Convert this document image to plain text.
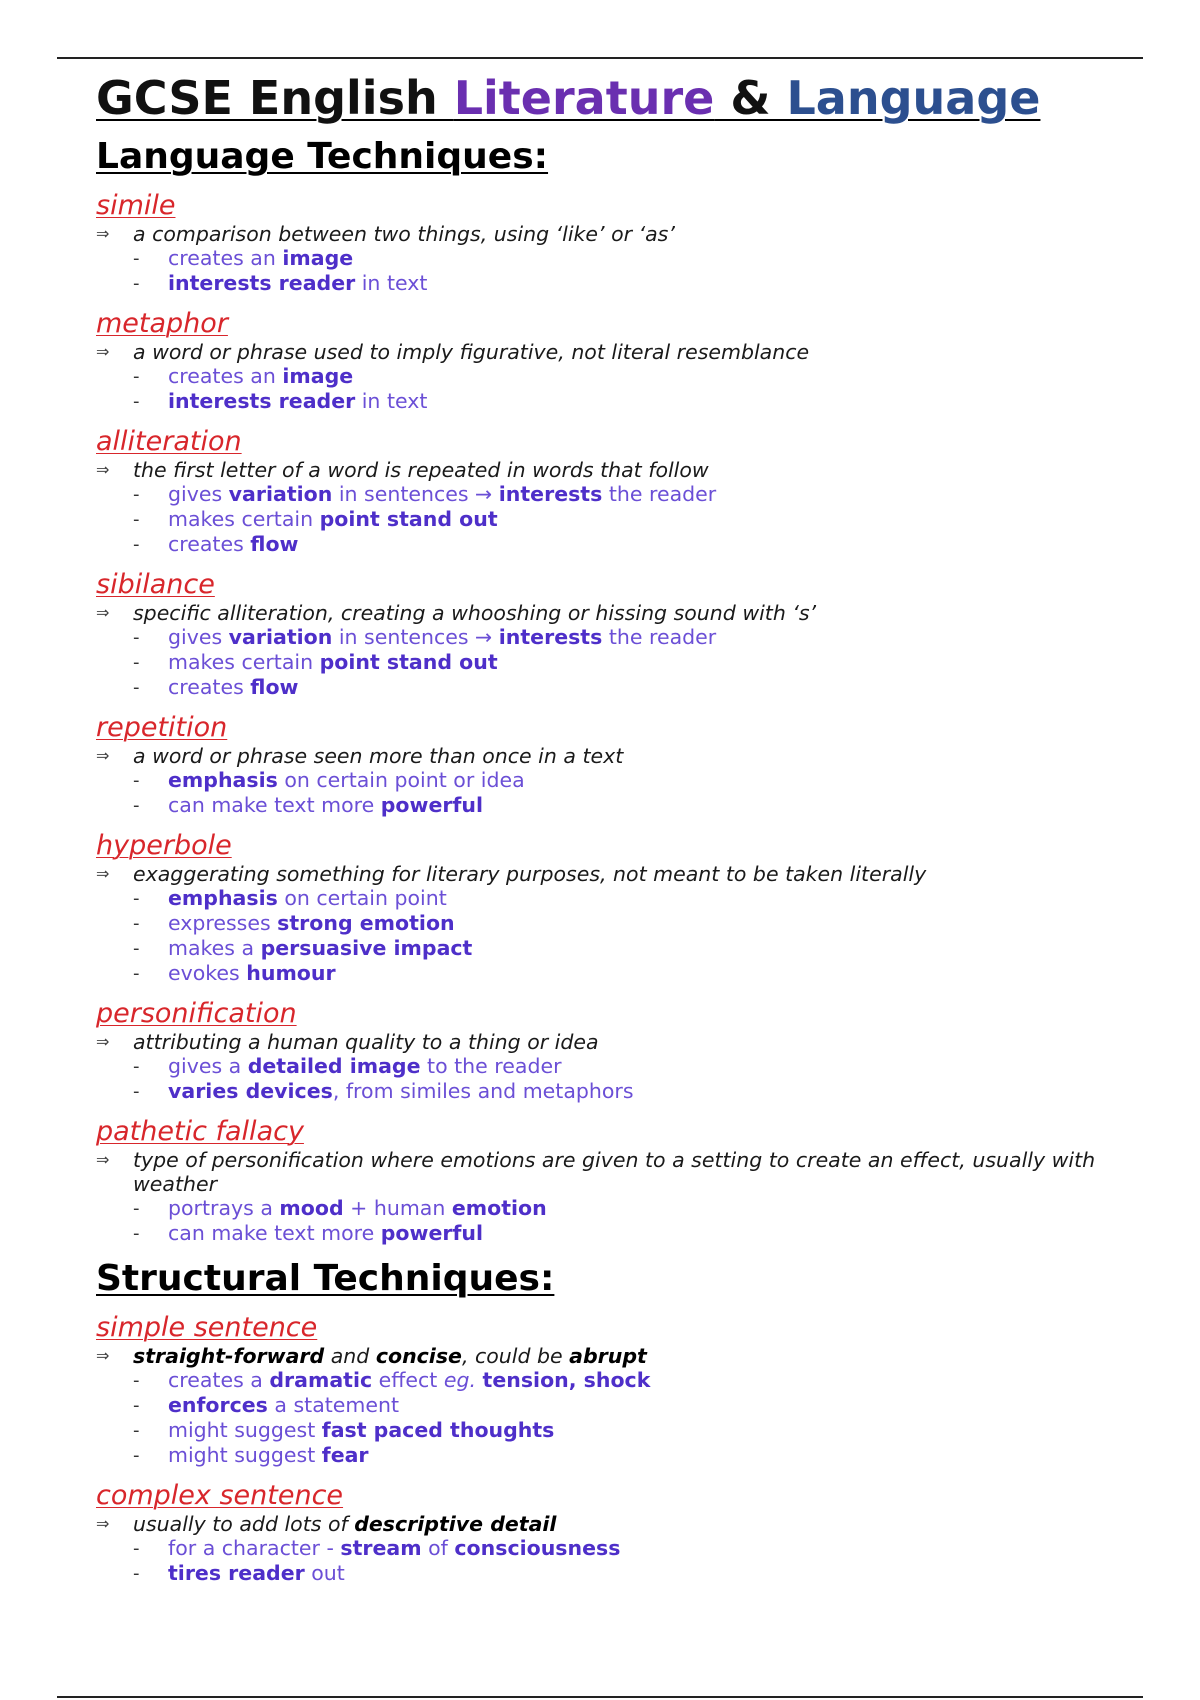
GCSE English Literature & Language
Language Techniques:
simile
⇒ a comparison between two things, using ‘like’ or ‘as’
- creates an image
- interests reader in text
metaphor
⇒ a word or phrase used to imply figurative, not literal resemblance
- creates an image
- interests reader in text
alliteration
⇒ the first letter of a word is repeated in words that follow
- gives variation in sentences → interests the reader
- makes certain point stand out
- creates flow
sibilance
⇒ specific alliteration, creating a whooshing or hissing sound with ‘s’
- gives variation in sentences → interests the reader
- makes certain point stand out
- creates flow
repetition
⇒ a word or phrase seen more than once in a text
- emphasis on certain point or idea
- can make text more powerful
hyperbole
⇒ exaggerating something for literary purposes, not meant to be taken literally
- emphasis on certain point
- expresses strong emotion
- makes a persuasive impact
- evokes humour
personification
⇒ attributing a human quality to a thing or idea
- gives a detailed image to the reader
- varies devices, from similes and metaphors
pathetic fallacy
⇒ type of personification where emotions are given to a setting to create an effect, usually with weather
- portrays a mood + human emotion
- can make text more powerful
Structural Techniques:
simple sentence
⇒ straight-forward and concise, could be abrupt
- creates a dramatic effect eg. tension, shock
- enforces a statement
- might suggest fast paced thoughts
- might suggest fear
complex sentence
⇒ usually to add lots of descriptive detail
- for a character - stream of consciousness
- tires reader out
